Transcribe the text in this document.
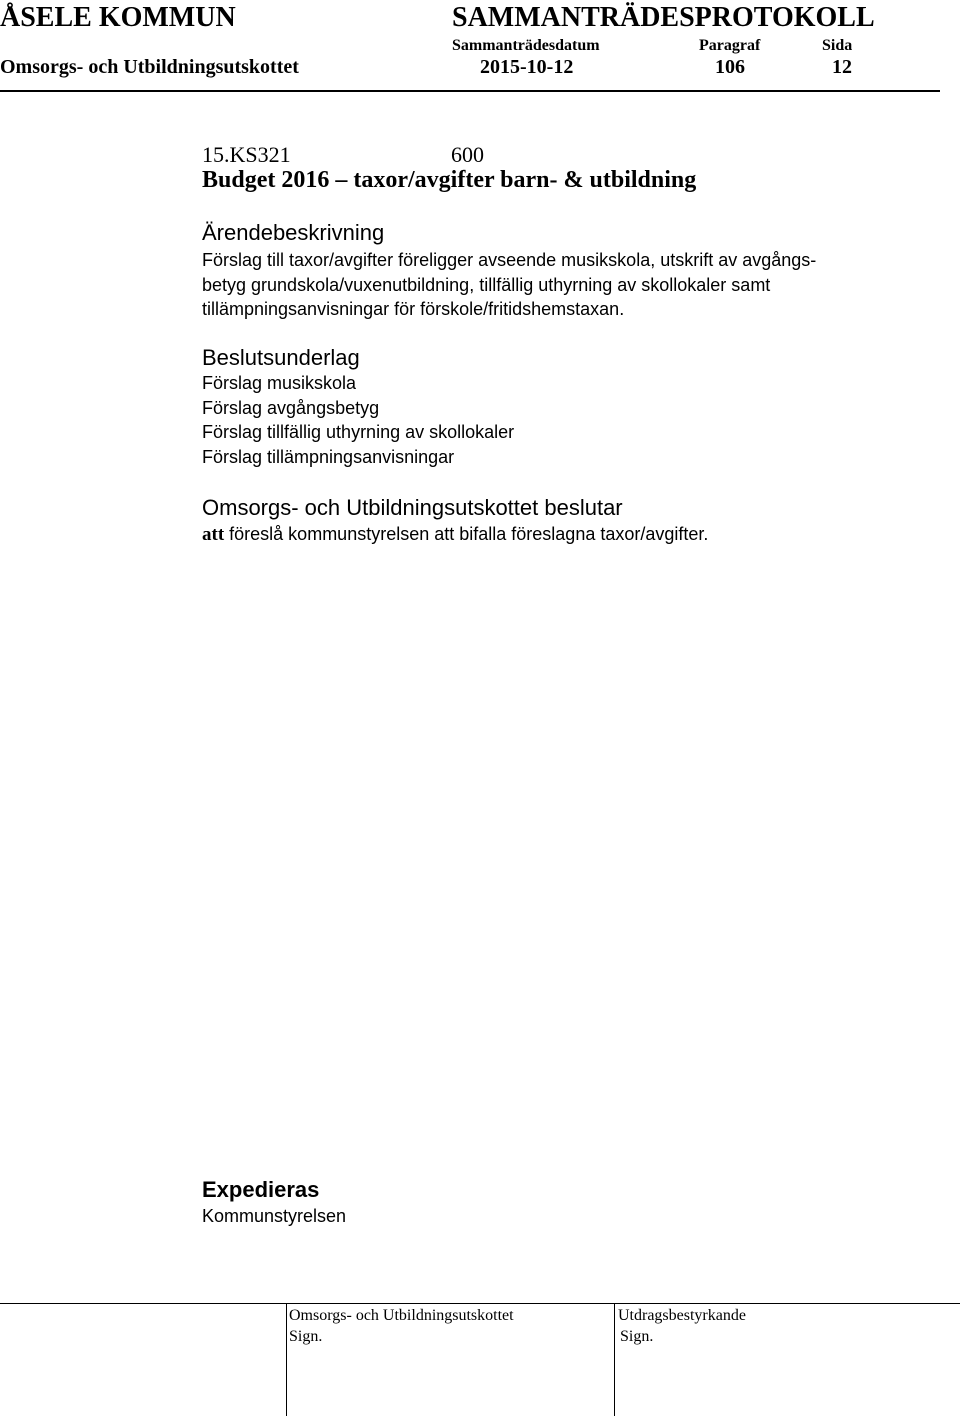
ÅSELE KOMMUN	SAMMANTRÄDESPROTOKOLL
Sammanträdesdatum	Paragraf	Sida
Omsorgs- och Utbildningsutskottet	2015-10-12	106	12
15.KS321	600
Budget 2016 – taxor/avgifter barn- & utbildning
Ärendebeskrivning
Förslag till taxor/avgifter föreligger avseende musikskola, utskrift av avgångs-
betyg grundskola/vuxenutbildning, tillfällig uthyrning av skollokaler samt
tillämpningsanvisningar för förskole/fritidshemstaxan.
Beslutsunderlag
Förslag musikskola
Förslag avgångsbetyg
Förslag tillfällig uthyrning av skollokaler
Förslag tillämpningsanvisningar
Omsorgs- och Utbildningsutskottet beslutar
att föreslå kommunstyrelsen att bifalla föreslagna taxor/avgifter.
Expedieras
Kommunstyrelsen
Omsorgs- och Utbildningsutskottet
Sign.
Utdragsbestyrkande
Sign.
